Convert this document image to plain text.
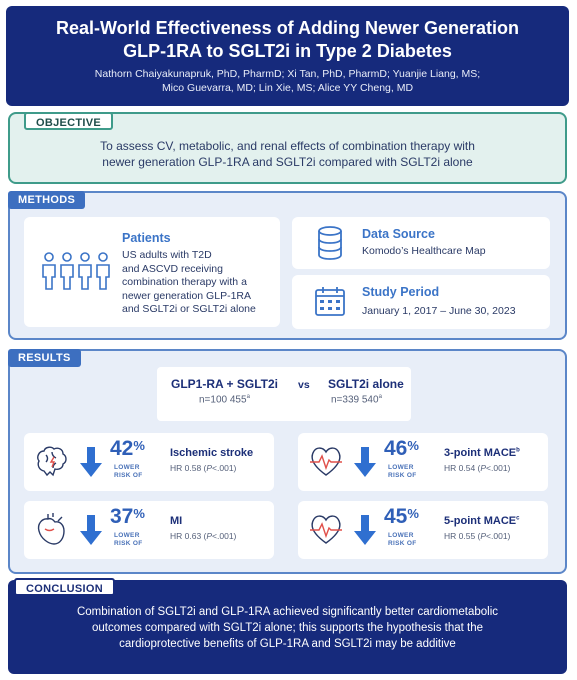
Real-World Effectiveness of Adding Newer Generation
GLP-1RA to SGLT2i in Type 2 Diabetes
Nathorn Chaiyakunapruk, PhD, PharmD; Xi Tan, PhD, PharmD; Yuanjie Liang, MS;
Mico Guevarra, MD; Lin Xie, MS; Alice YY Cheng, MD
OBJECTIVE
To assess CV, metabolic, and renal effects of combination therapy with
newer generation GLP-1RA and SGLT2i compared with SGLT2i alone
METHODS
Patients
US adults with T2D
and ASCVD receiving
combination therapy with a
newer generation GLP-1RA
and SGLT2i or SGLT2i alone
Data Source
Komodo’s Healthcare Map
Study Period
January 1, 2017 – June 30, 2023
RESULTS
GLP1-RA + SGLT2i
n=100 455$^a$
vs SGLT2i alone
n=339 540$^a$
42%
LOWER
RISK OF
Ischemic stroke
HR 0.58 (P<.001)
46%
LOWER
RISK OF
3-point MACE$^b$
HR 0.54 (P<.001)
37%
LOWER
RISK OF
MI
HR 0.63 (P<.001)
45%
LOWER
RISK OF
5-point MACE$^c$
HR 0.55 (P<.001)
CONCLUSION
Combination of SGLT2i and GLP-1RA achieved significantly better cardiometabolic
outcomes compared with SGLT2i alone; this supports the hypothesis that the
cardioprotective benefits of GLP-1RA and SGLT2i may be additive
